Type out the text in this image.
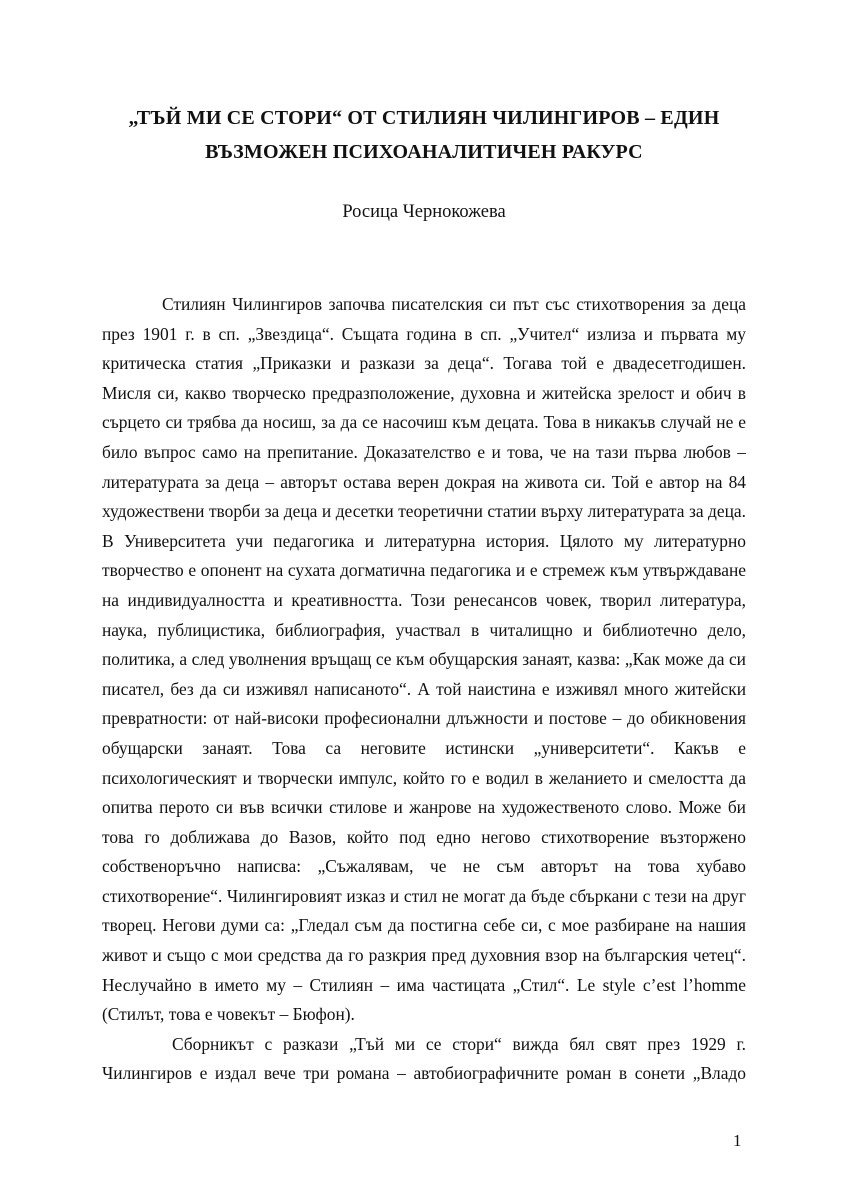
„ТЪЙ МИ СЕ СТОРИ“ ОТ СТИЛИЯН ЧИЛИНГИРОВ – ЕДИН
ВЪЗМОЖЕН ПСИХОАНАЛИТИЧЕН РАКУРС
Росица Чернокожева
Стилиян Чилингиров започва писателския си път със стихотворения за деца
през 1901 г. в сп. „Звездица“. Същата година в сп. „Учител“ излиза и първата му
критическа статия „Приказки и разкази за деца“. Тогава той е двадесетгодишен.
Мисля си, какво творческо предразположение, духовна и житейска зрелост и обич в
сърцето си трябва да носиш, за да се насочиш към децата. Това в никакъв случай не е
било въпрос само на препитание. Доказателство е и това, че на тази първа любов –
литературата за деца – авторът остава верен докрая на живота си. Той е автор на 84
художествени творби за деца и десетки теоретични статии върху литературата за деца.
В Университета учи педагогика и литературна история. Цялото му литературно
творчество е опонент на сухата догматична педагогика и е стремеж към утвърждаване
на индивидуалността и креативността. Този ренесансов човек, творил литература,
наука, публицистика, библиография, участвал в читалищно и библиотечно дело,
политика, а след уволнения връщащ се към обущарския занаят, казва: „Как може да си
писател, без да си изживял написаното“. А той наистина е изживял много житейски
превратности: от най-високи професионални длъжности и постове – до обикновения
обущарски занаят. Това са неговите истински „университети“. Какъв е
психологическият и творчески импулс, който го е водил в желанието и смелостта да
опитва перото си във всички стилове и жанрове на художественото слово. Може би
това го доближава до Вазов, който под едно негово стихотворение възторжено
собственоръчно написва: „Съжалявам, че не съм авторът на това хубаво
стихотворение“. Чилингировият изказ и стил не могат да бъде сбъркани с тези на друг
творец. Негови думи са: „Гледал съм да постигна себе си, с мое разбиране на нашия
живот и също с мои средства да го разкрия пред духовния взор на българския четец“.
Неслучайно в името му – Стилиян – има частицата „Стил“. Le style c’est l’homme
(Стилът, това е човекът – Бюфон).
Сборникът с разкази „Тъй ми се стори“ вижда бял свят през 1929 г.
Чилингиров е издал вече три романа – автобиографичните роман в сонети „Владо
1
